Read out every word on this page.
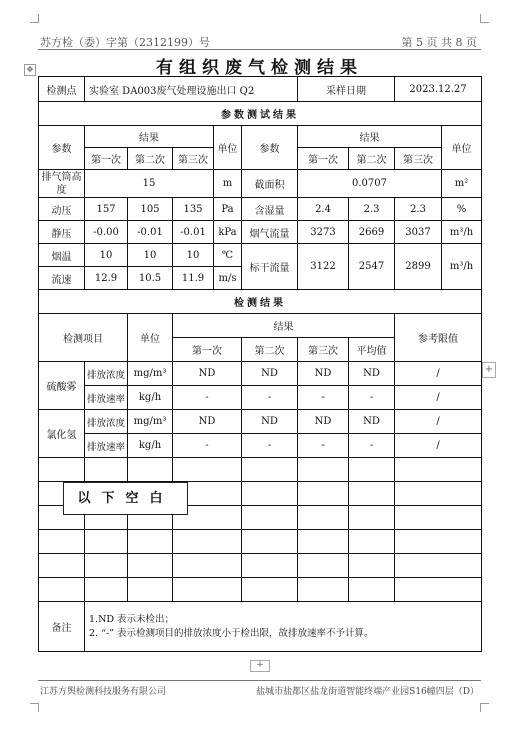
苏方检（委）字第（2312199）号	第 5 页 共 8 页
有组织废气检测结果
✥
检测点	实验室 DA003废气处理设施出口 Q2					采样日期		2023.12.27	
参数测试结果									
参数	结果			单位	参数	结果			单位
	第一次	第二次	第三次			第一次	第二次	第三次	
排气筒高度	15			m	截面积	0.0707			m²
动压	157	105	135	Pa	含湿量	2.4	2.3	2.3	%
静压	-0.00	-0.01	-0.01	kPa	烟气流量	3273	2669	3037	m³/h
烟温	10	10	10	℃	标干流量	3122	2547	2899	m³/h
流速	12.9	10.5	11.9	m/s					
检测结果									
检测项目		单位	结果					参考限值	
			第一次		第二次	第三次	平均值		
硫酸雾	排放浓度	mg/m³	ND		ND	ND	ND	/	
	排放速率	kg/h	-		-	-	-	/	
氯化氢	排放浓度	mg/m³	ND		ND	ND	ND	/	
	排放速率	kg/h	-		-	-	-	/	

备注	1.ND 表示未检出；
2. “-” 表示检测项目的排放浓度小于检出限，故排放速率不予计算。								
以下空白
+
+
江苏方舆检测科技服务有限公司	盐城市盐都区盐龙街道智能终端产业园S16幢四层（D）
